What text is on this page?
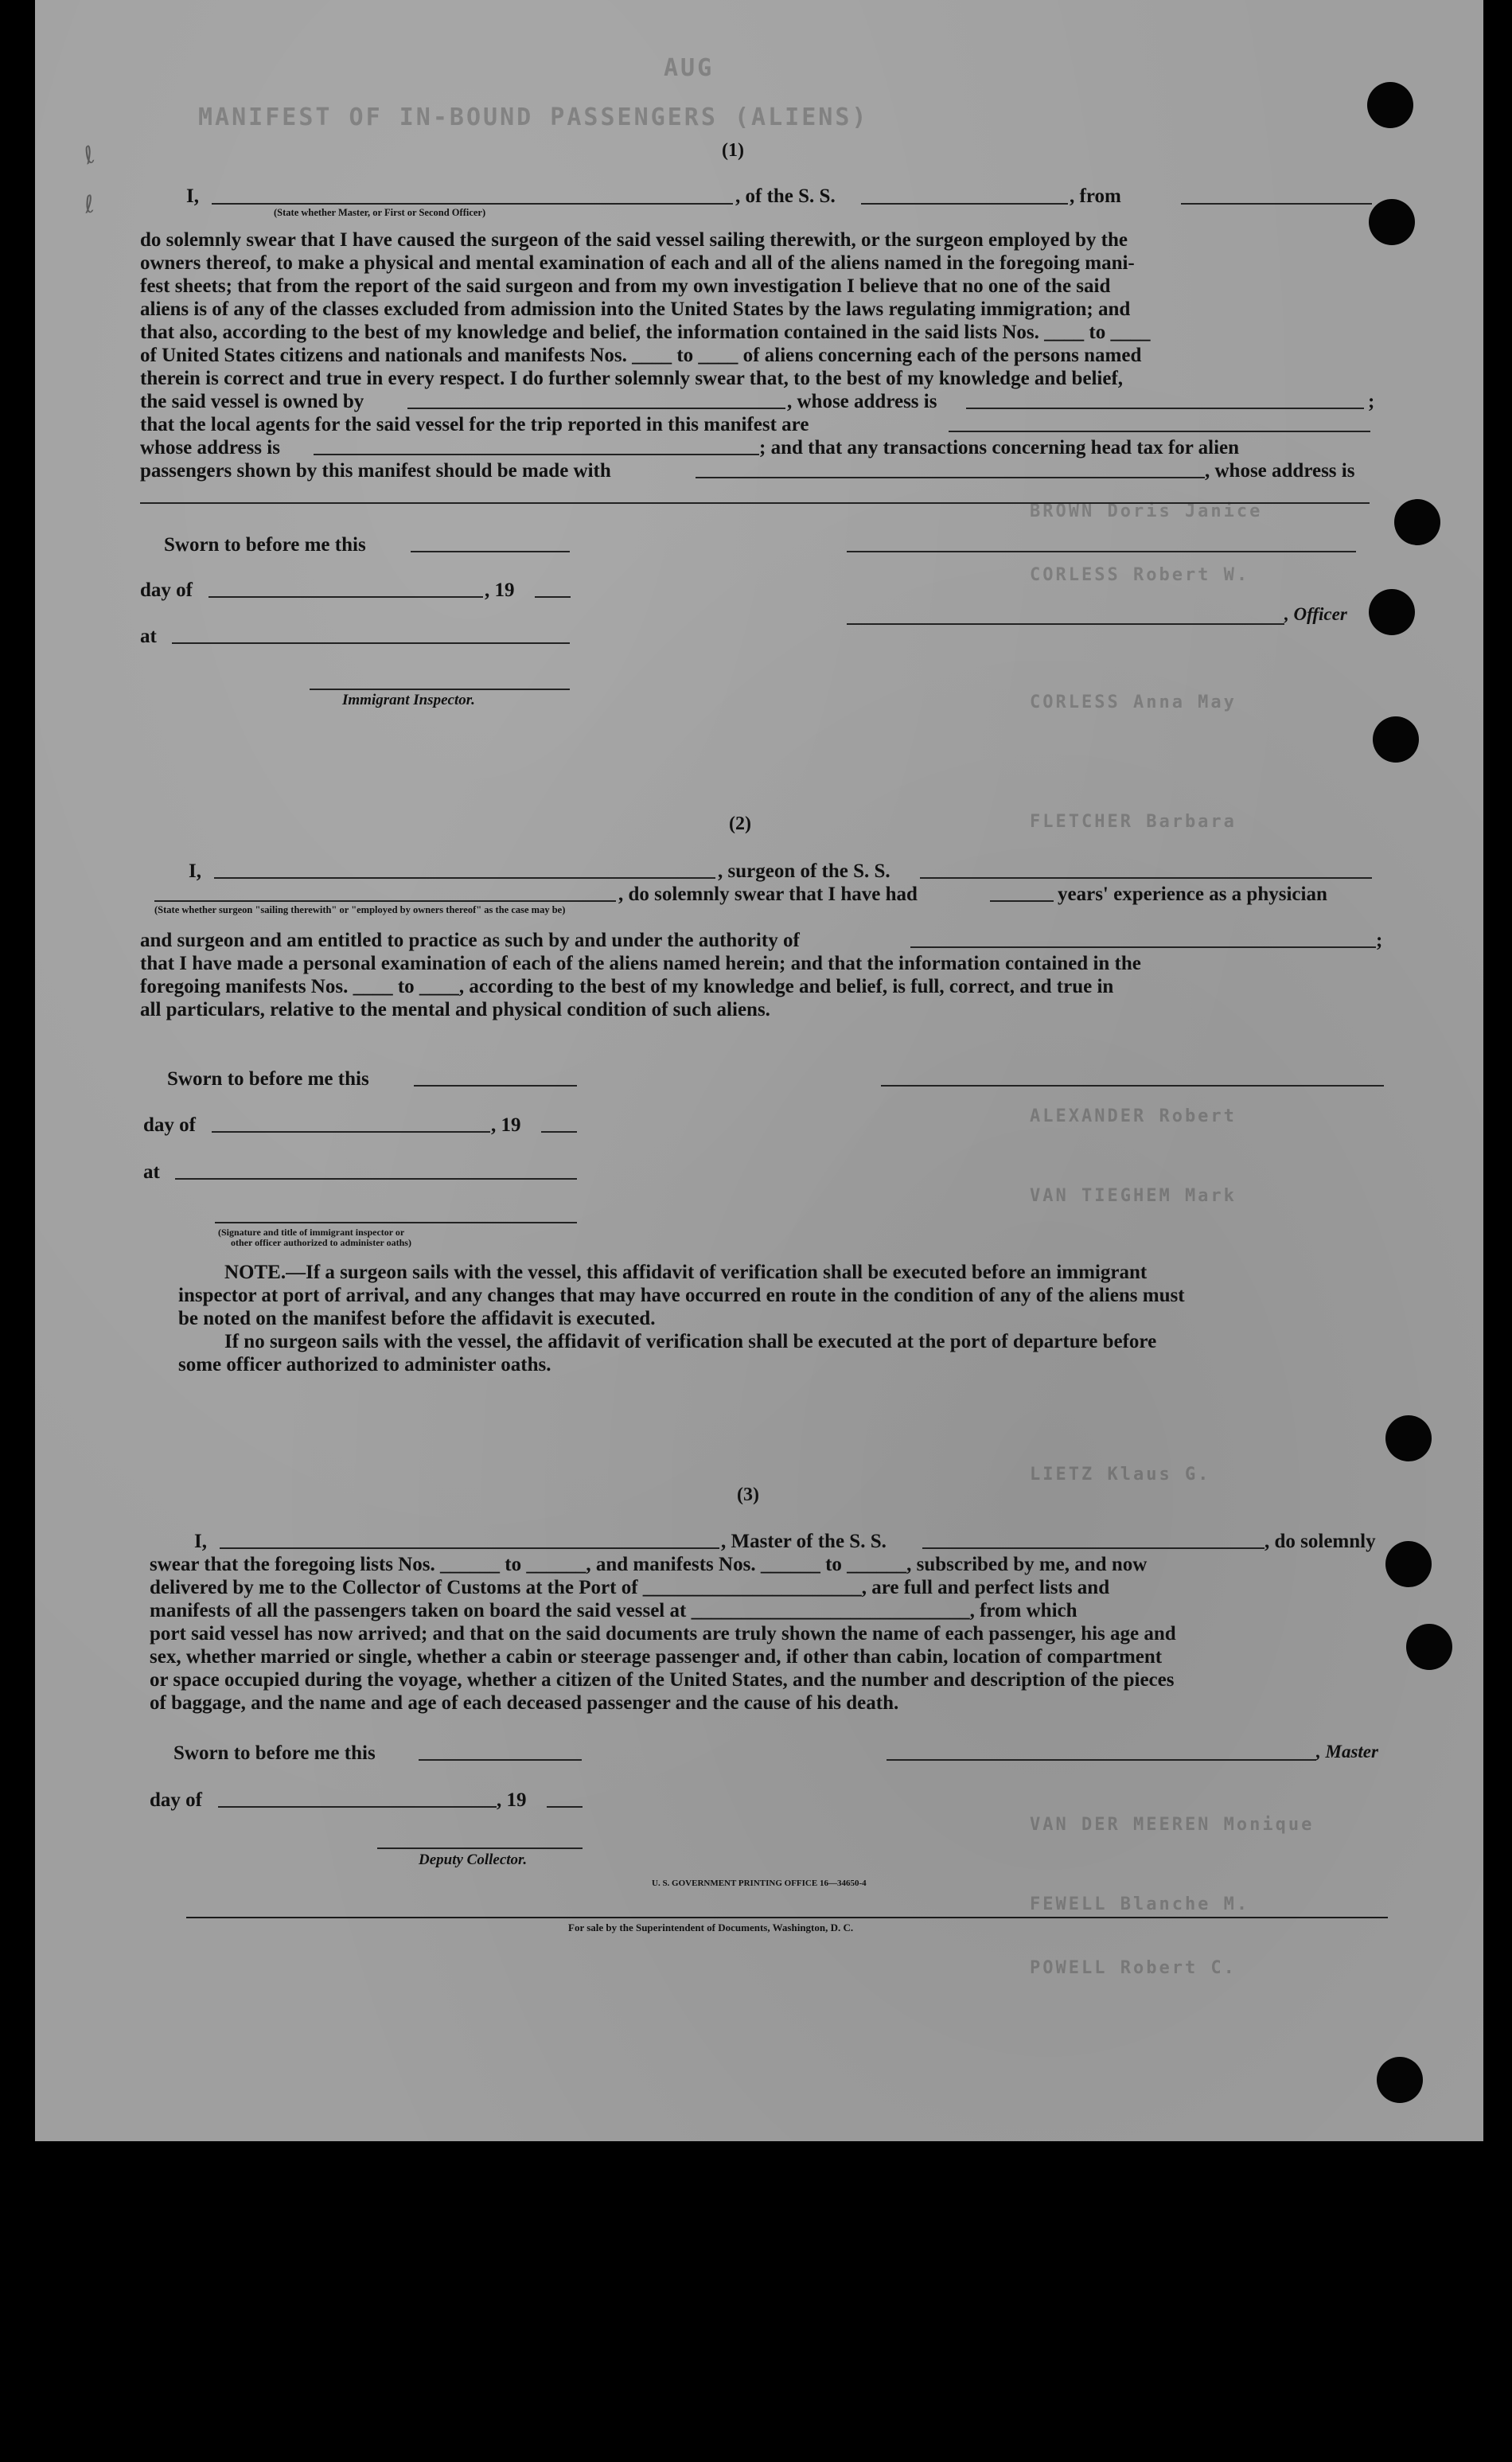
AUG
MANIFEST OF IN-BOUND PASSENGERS (ALIENS)
BROWN Doris Janice
CORLESS Robert W.
CORLESS Anna May
FLETCHER Barbara
ALEXANDER Robert
VAN TIEGHEM Mark
LIETZ Klaus G.
VAN DER MEEREN Monique
FEWELL Blanche M.
POWELL Robert C.
(1)
I,
(State whether Master, or First or Second Officer)
, of the S. S.	, from
do solemnly swear that I have caused the surgeon of the said vessel sailing therewith, or the surgeon employed by the
owners thereof, to make a physical and mental examination of each and all of the aliens named in the foregoing mani-
fest sheets; that from the report of the said surgeon and from my own investigation I believe that no one of the said
aliens is of any of the classes excluded from admission into the United States by the laws regulating immigration; and
that also, according to the best of my knowledge and belief, the information contained in the said lists Nos. ____ to ____
of United States citizens and nationals and manifests Nos. ____ to ____ of aliens concerning each of the persons named
therein is correct and true in every respect. I do further solemnly swear that, to the best of my knowledge and belief,
the said vessel is owned by	, whose address is	;
that the local agents for the said vessel for the trip reported in this manifest are
whose address is	; and that any transactions concerning head tax for alien
passengers shown by this manifest should be made with	, whose address is
Sworn to before me this
day of	, 19
at
Immigrant Inspector.
, Officer
(2)
I,	, surgeon of the S. S.
, do solemnly swear that I have had	years' experience as a physician
(State whether surgeon "sailing therewith" or "employed by owners thereof" as the case may be)
and surgeon and am entitled to practice as such by and under the authority of	;
that I have made a personal examination of each of the aliens named herein; and that the information contained in the
foregoing manifests Nos. ____ to ____, according to the best of my knowledge and belief, is full, correct, and true in
all particulars, relative to the mental and physical condition of such aliens.
Sworn to before me this
day of	, 19
at
(Signature and title of immigrant inspector or
other officer authorized to administer oaths)
NOTE.—If a surgeon sails with the vessel, this affidavit of verification shall be executed before an immigrant
inspector at port of arrival, and any changes that may have occurred en route in the condition of any of the aliens must
be noted on the manifest before the affidavit is executed.
If no surgeon sails with the vessel, the affidavit of verification shall be executed at the port of departure before
some officer authorized to administer oaths.
(3)
I,	, Master of the S. S.	, do solemnly
swear that the foregoing lists Nos. ______ to ______, and manifests Nos. ______ to ______, subscribed by me, and now
delivered by me to the Collector of Customs at the Port of ______________________, are full and perfect lists and
manifests of all the passengers taken on board the said vessel at ____________________________, from which
port said vessel has now arrived; and that on the said documents are truly shown the name of each passenger, his age and
sex, whether married or single, whether a cabin or steerage passenger and, if other than cabin, location of compartment
or space occupied during the voyage, whether a citizen of the United States, and the number and description of the pieces
of baggage, and the name and age of each deceased passenger and the cause of his death.
Sworn to before me this
day of	, 19
Deputy Collector.
, Master
U. S. GOVERNMENT PRINTING OFFICE 16—34650-4
For sale by the Superintendent of Documents, Washington, D. C.
ℓ
ℓ
